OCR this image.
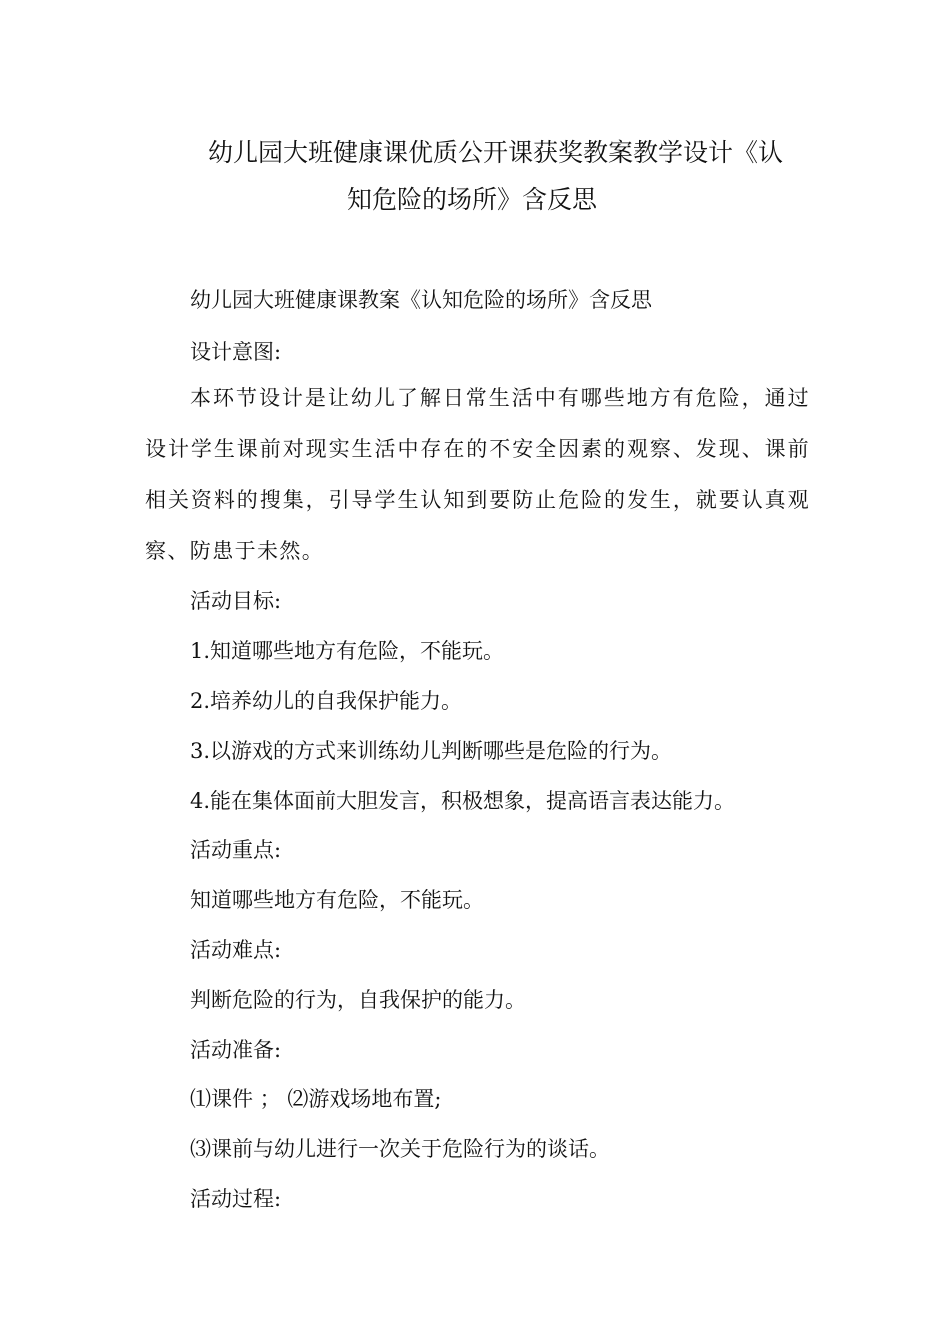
幼儿园大班健康课优质公开课获奖教案教学设计《认
知危险的场所》含反思
幼儿园大班健康课教案《认知危险的场所》含反思
设计意图:
本环节设计是让幼儿了解日常生活中有哪些地方有危险，通过设计学生课前对现实生活中存在的不安全因素的观察、发现、课前相关资料的搜集，引导学生认知到要防止危险的发生，就要认真观察、防患于未然。
活动目标:
1.知道哪些地方有危险，不能玩。
2.培养幼儿的自我保护能力。
3.以游戏的方式来训练幼儿判断哪些是危险的行为。
4.能在集体面前大胆发言，积极想象，提高语言表达能力。
活动重点:
知道哪些地方有危险，不能玩。
活动难点:
判断危险的行为，自我保护的能力。
活动准备:
⑴课件 ； ⑵游戏场地布置;
⑶课前与幼儿进行一次关于危险行为的谈话。
活动过程:
